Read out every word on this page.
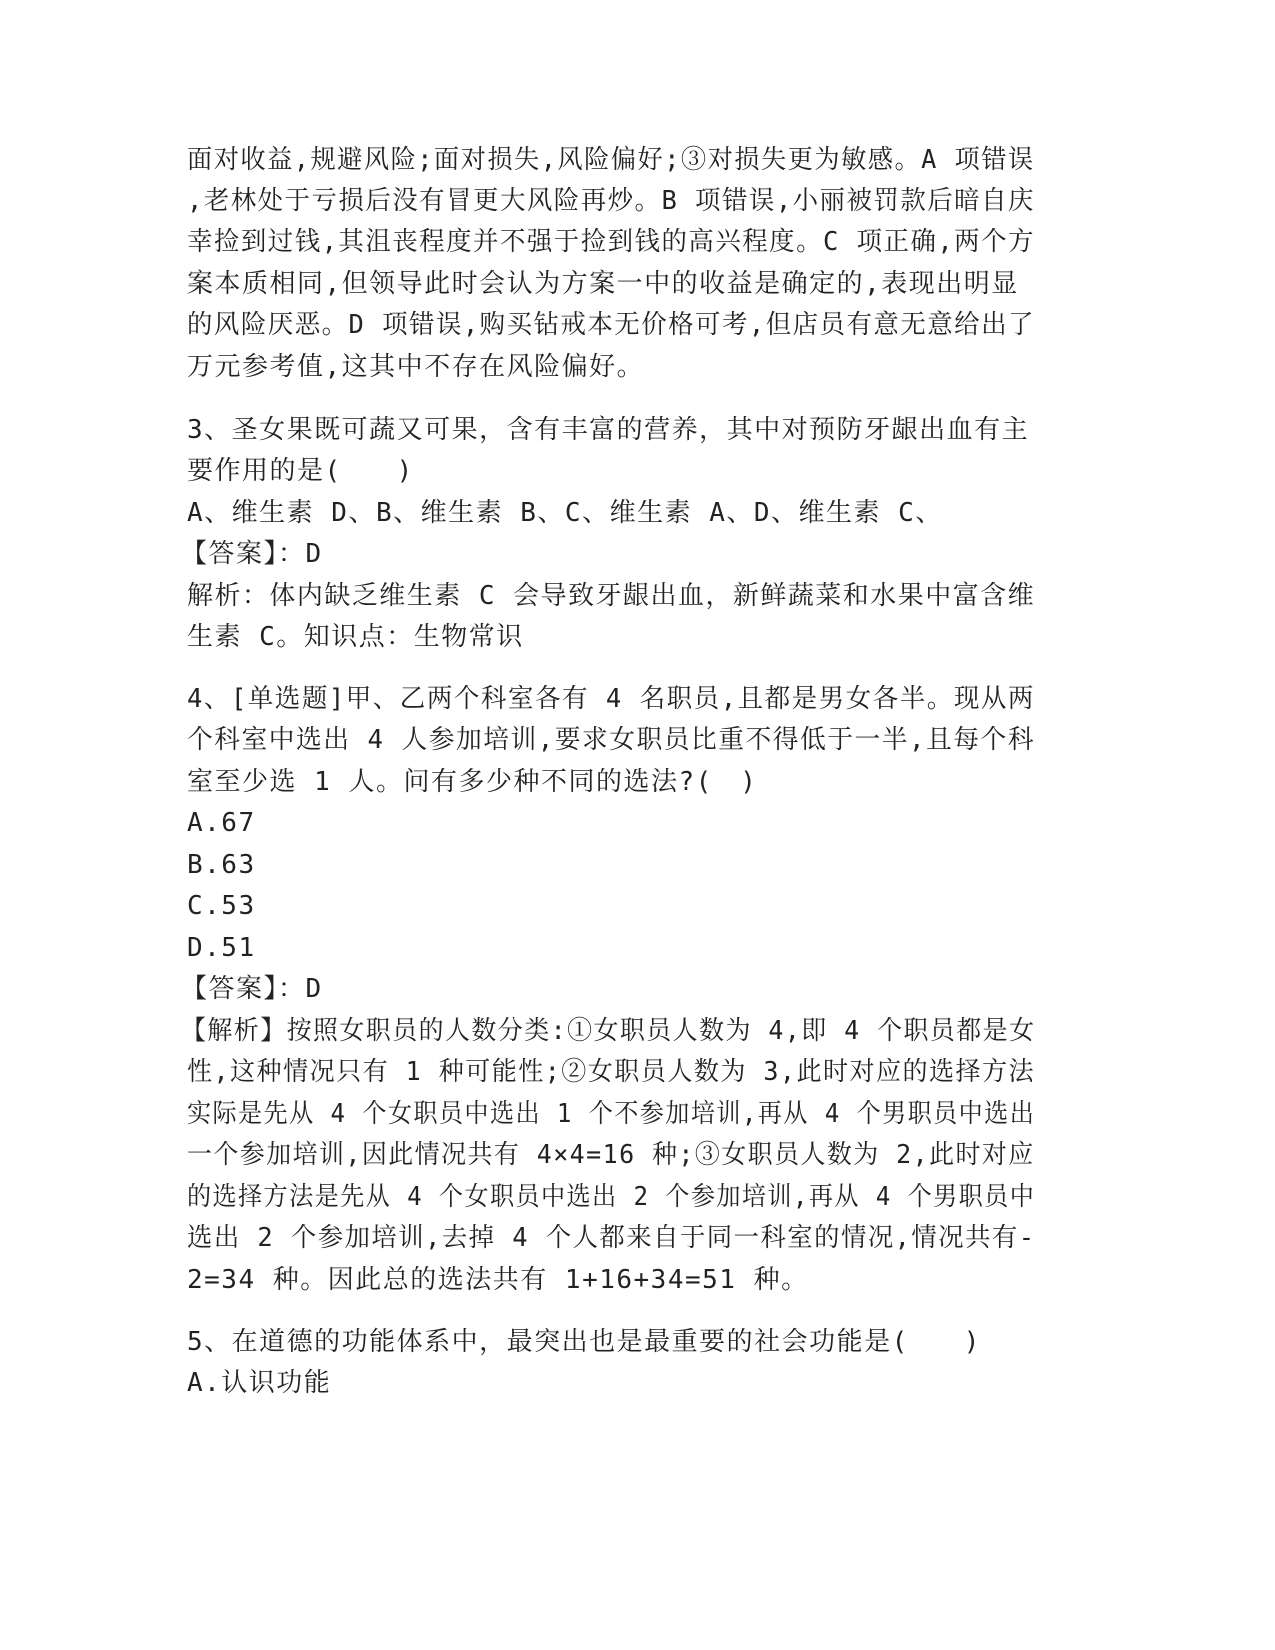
面对收益,规避风险;面对损失,风险偏好;③对损失更为敏感。A 项错误
,老林处于亏损后没有冒更大风险再炒。B 项错误,小丽被罚款后暗自庆
幸捡到过钱,其沮丧程度并不强于捡到钱的高兴程度。C 项正确,两个方
案本质相同,但领导此时会认为方案一中的收益是确定的,表现出明显
的风险厌恶。D 项错误,购买钻戒本无价格可考,但店员有意无意给出了
万元参考值,这其中不存在风险偏好。
3、圣女果既可蔬又可果，含有丰富的营养，其中对预防牙龈出血有主
要作用的是(　　)
A、维生素 D、B、维生素 B、C、维生素 A、D、维生素 C、
【答案】：D
解析：体内缺乏维生素 C 会导致牙龈出血，新鲜蔬菜和水果中富含维
生素 C。知识点：生物常识
4、[单选题]甲、乙两个科室各有 4 名职员,且都是男女各半。现从两
个科室中选出 4 人参加培训,要求女职员比重不得低于一半,且每个科
室至少选 1 人。问有多少种不同的选法?(　)
A.67
B.63
C.53
D.51
【答案】：D
【解析】按照女职员的人数分类:①女职员人数为 4,即 4 个职员都是女
性,这种情况只有 1 种可能性;②女职员人数为 3,此时对应的选择方法
实际是先从 4 个女职员中选出 1 个不参加培训,再从 4 个男职员中选出
一个参加培训,因此情况共有 4×4=16 种;③女职员人数为 2,此时对应
的选择方法是先从 4 个女职员中选出 2 个参加培训,再从 4 个男职员中
选出 2 个参加培训,去掉 4 个人都来自于同一科室的情况,情况共有-
2=34 种。因此总的选法共有 1+16+34=51 种。
5、在道德的功能体系中，最突出也是最重要的社会功能是(　　)
A.认识功能
